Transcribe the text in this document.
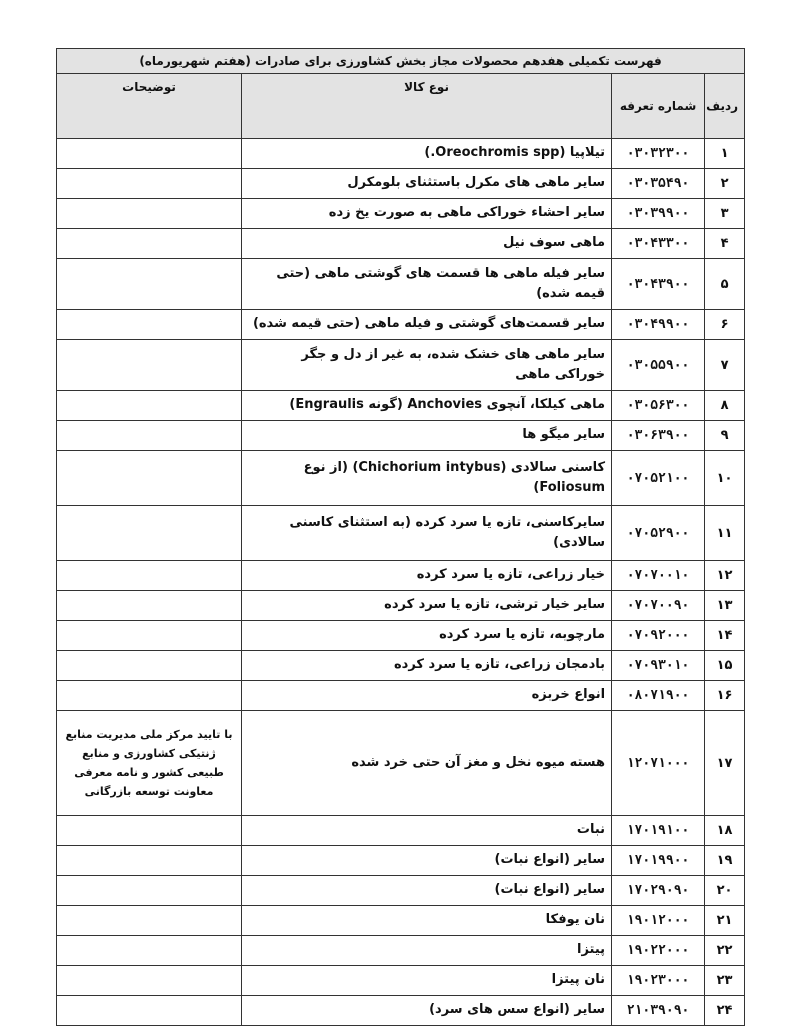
فهرست تکمیلی هفدهم محصولات مجاز بخش کشاورزی برای صادرات (هفتم شهریورماه)			
ردیف	شماره تعرفه	نوع کالا	توضیحات
۱	۰۳۰۳۲۳۰۰	تیلاپیا (Oreochromis spp.)	
۲	۰۳۰۳۵۴۹۰	سایر ماهی های مکرل باستثنای بلومکرل	
۳	۰۳۰۳۹۹۰۰	سایر احشاء خوراکی ماهی به صورت یخ زده	
۴	۰۳۰۴۳۳۰۰	ماهی سوف نیل	
۵	۰۳۰۴۳۹۰۰	سایر فیله ماهی ها قسمت های گوشتی ماهی (حتی قیمه شده)	
۶	۰۳۰۴۹۹۰۰	سایر قسمت‌های گوشتی و فیله ماهی (حتی قیمه شده)	
۷	۰۳۰۵۵۹۰۰	سایر ماهی های خشک شده، به غیر از دل و جگر خوراکی ماهی	
۸	۰۳۰۵۶۳۰۰	ماهی کیلکا، آنچوی Anchovies (گونه Engraulis)	
۹	۰۳۰۶۳۹۰۰	سایر میگو ها	
۱۰	۰۷۰۵۲۱۰۰	کاسنی سالادی (Chichorium intybus) (از نوع Foliosum)	
۱۱	۰۷۰۵۲۹۰۰	سایرکاسنی، تازه یا سرد کرده (به استثنای کاسنی سالادی)	
۱۲	۰۷۰۷۰۰۱۰	خیار زراعی، تازه یا سرد کرده	
۱۳	۰۷۰۷۰۰۹۰	سایر خیار ترشی، تازه یا سرد کرده	
۱۴	۰۷۰۹۲۰۰۰	مارچوبه، تازه یا سرد کرده	
۱۵	۰۷۰۹۳۰۱۰	بادمجان زراعی، تازه یا سرد کرده	
۱۶	۰۸۰۷۱۹۰۰	انواع خربزه	
۱۷	۱۲۰۷۱۰۰۰	هسته میوه نخل و مغز آن حتی خرد شده	با تایید مرکز ملی مدیریت منابع ژنتیکی کشاورزی و منابع طبیعی کشور و نامه معرفی معاونت توسعه بازرگانی
۱۸	۱۷۰۱۹۱۰۰	نبات	
۱۹	۱۷۰۱۹۹۰۰	سایر (انواع نبات)	
۲۰	۱۷۰۲۹۰۹۰	سایر (انواع نبات)	
۲۱	۱۹۰۱۲۰۰۰	نان یوفکا	
۲۲	۱۹۰۲۲۰۰۰	پیتزا	
۲۳	۱۹۰۲۳۰۰۰	نان پیتزا	
۲۴	۲۱۰۳۹۰۹۰	سایر (انواع سس های سرد)	
